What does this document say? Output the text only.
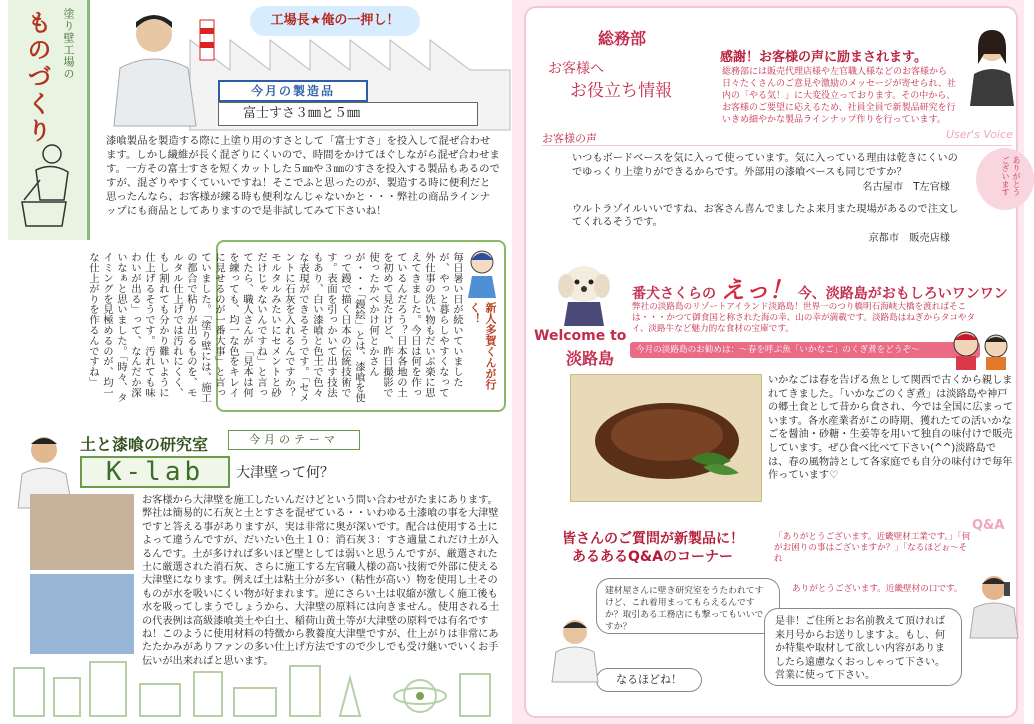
塗り壁工場の
ものづくり	工場長★俺の一押し！
今月の製造品
富士すさ３㎜と５㎜

漆喰製品を製造する際に上塗り用のすさとして「富士すさ」を投入して混ぜ合わせます。しかし繊維が長く混ざりにくいので、時間をかけてほぐしながら混ぜ合わせます。一方その富士すさを短くカットした５㎜や３㎜のすさを投入する製品もあるのですが、混ざりやすくていいですね！そこでふと思ったのが、製造する時に便利だと思ったんなら、お客様が練る時も便利なんじゃないかと・・・弊社の商品ラインナップにも商品としてありますので是非試してみて下さいね！

毎日暑い日が続いていましたが、やっと暮らしやすくなって外仕事の洗い物もだいぶ楽に思えてきました。今日は何を作っているんだろう？日本各地の土を初めて見たけど、昨日撮影で使ったかべかけ何とかさんが・・・「鏝絵」とは、漆喰を使って鏝で描く日本の伝統技術です。表面を引っかいて出す技法もあり、白い漆喰と色土で色々な表現ができるそうです。「セメントに石灰を入れるんですか？モルタルみたいにセメントと砂だけじゃないんですね」と言ってたら、職人さんが「見本は何を練っても、均一な色をキレイに見せるのが一番大事」と言っていました。「塗り壁には、施工の都合で粘りが出るものを、モルタル仕上げでは汚れにくく、もし割れても分かり難いように仕上げるそうです。汚れても味わいが出る」って、なんだか深いなぁと思いました。「時々、タイミングを見極めるのが、均一な仕上がりを作るんですね」	新人多賀くんが行く！
土と漆喰の研究室	今月のテーマ
K-lab	大津壁って何？

お客様から大津壁を施工したいんだけどという問い合わせがたまにあります。弊社は簡易的に石灰と土とすさを混ぜている・・いわゆる土漆喰の事を大津壁ですと答える事がありますが、実は非常に奥が深いです。配合は使用する土によって違うんですが、だいたい色土１０：消石灰３：すさ適量これだけ土が入るんです。土が多ければ多いほど壁としては弱いと思うんですが、厳選された土に厳選された消石灰、さらに施工する左官職人様の高い技術で外部に使える大津壁になります。例えば土は粘土分が多い（粘性が高い）物を使用し土そのものが水を吸いにくい物が好まれます。逆にさらい土は収縮が激しく施工後も水を吸ってしまうでしょうから、大津壁の原料には向きません。使用される土の代表例は高級漆喰美土や白土、稲荷山黄土等が大津壁の原料では有名ですね！このように使用材料の特徴から教養度大津壁ですが、仕上がりは非常にあたたかみがありファンの多い仕上げ方法ですので少しでも受け継いでいくお手伝いが出来ればと思います。

総務部
お客様へ
お役立ち情報
感謝！お客様の声に励まされます。

総務部には販売代理店様や左官職人様などのお客様から日々たくさんのご意見や激励のメッセージが寄せられ、社内の「やる気！」に大変役立っております。その中から、お客様のご要望に応えるため、社員全員で新製品研究を行いきめ細やかな製品ラインナップ作りを行っています。

お客様の声	User's Voice

いつもボードベースを気に入って使っています。気に入っている理由は乾きにくいのでゆっくり上塗りができるからです。外部用の漆喰ベースも同じですか？

名古屋市　T左官様

ウルトラゾイルいいですね、お客さん喜んでましたよ来月また現場があるので注文してくれるそうです。

京都市　販売店様

ありがとうございます
Welcome to
淡路島
番犬さくらの えっ！ 今、淡路島がおもしろいワンワン

弊社の淡路島のリゾートアイランド淡路島！世界一のつり橋明石海峡大橋を渡ればそこは・・・かつて御食国と称された海の幸、山の幸が満載です。淡路島はねぎからタコやタイ、淡路牛など魅力的な食材の宝庫です。

今月の淡路島のお勧めは：～春を呼ぶ魚「いかなご」のくぎ煮をどうぞ～

いかなごは春を告げる魚として関西で古くから親しまれてきました。「いかなごのくぎ煮」は淡路島や神戸の郷土食として昔から食され、今では全国に広まっています。各水産業者がこの時期、獲れたての活いかなごを醤油・砂糖・生姜等を用いて独自の味付けで販売しています。ぜひ食べ比べて下さい(^^)淡路島では、春の風物詩として各家庭でも自分の味付けで毎年作っています♡

Q&A
皆さんのご質問が新製品に！
あるあるQ&Aのコーナー
「ありがとうございます。近畿壁材工業です。」「何がお困りの事はございますか？」「なるほどぉ～それ
ありがとうございます。近畿壁材の口です。
建材屋さんに壁き研究室をうたわれてすけど、これ着用まってもらえるんですか？取引ある工務店にも撃ってもいいですか？	是非！ご住所とお名前教えて頂ければ来月号からお送りしますよ。もし、何か特集や取材して欲しい内容がありましたら遠慮なくおっしゃって下さい。営業に使って下さい。
なるほどね！
